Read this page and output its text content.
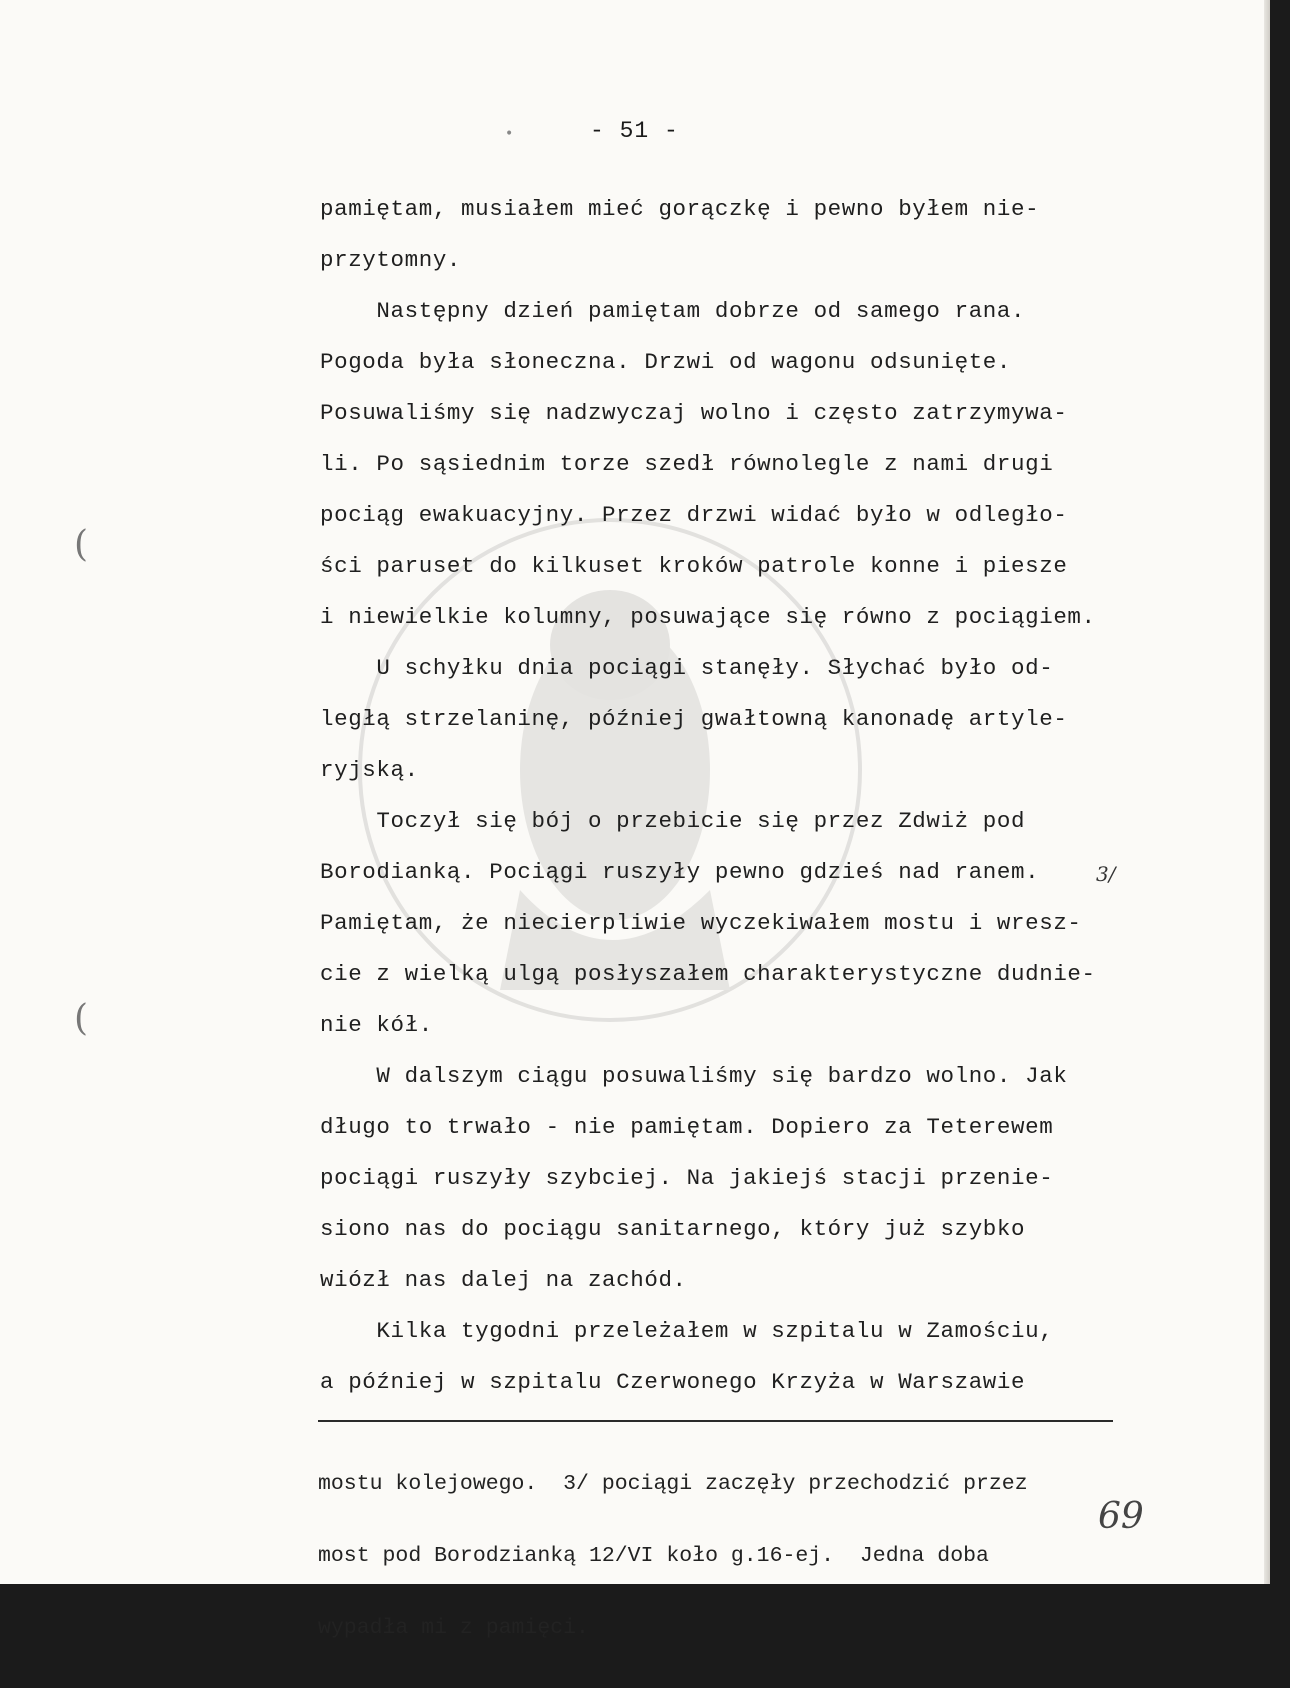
•	- 51 -
(
(
pamiętam, musiałem mieć gorączkę i pewno byłem nie-
przytomny.
Następny dzień pamiętam dobrze od samego rana.
Pogoda była słoneczna. Drzwi od wagonu odsunięte.
Posuwaliśmy się nadzwyczaj wolno i często zatrzymywa-
li. Po sąsiednim torze szedł równolegle z nami drugi
pociąg ewakuacyjny. Przez drzwi widać było w odległo-
ści paruset do kilkuset kroków patrole konne i piesze
i niewielkie kolumny, posuwające się równo z pociągiem.
U schyłku dnia pociągi stanęły. Słychać było od-
ległą strzelaninę, później gwałtowną kanonadę artyle-
ryjską.
Toczył się bój o przebicie się przez Zdwiż pod
Borodianką. Pociągi ruszyły pewno gdzieś nad ranem.
Pamiętam, że niecierpliwie wyczekiwałem mostu i wresz-
cie z wielką ulgą posłyszałem charakterystyczne dudnie-
nie kół.
W dalszym ciągu posuwaliśmy się bardzo wolno. Jak
długo to trwało - nie pamiętam. Dopiero za Teterewem
pociągi ruszyły szybciej. Na jakiejś stacji przenie-
siono nas do pociągu sanitarnego, który już szybko
wiózł nas dalej na zachód.
Kilka tygodni przeleżałem w szpitalu w Zamościu,
a później w szpitalu Czerwonego Krzyża w Warszawie
3/

mostu kolejowego.  3/ pociągi zaczęły przechodzić przez

most pod Borodzianką 12/VI koło g.16-ej.  Jedna doba

wypadła mi z pamięci.

69
